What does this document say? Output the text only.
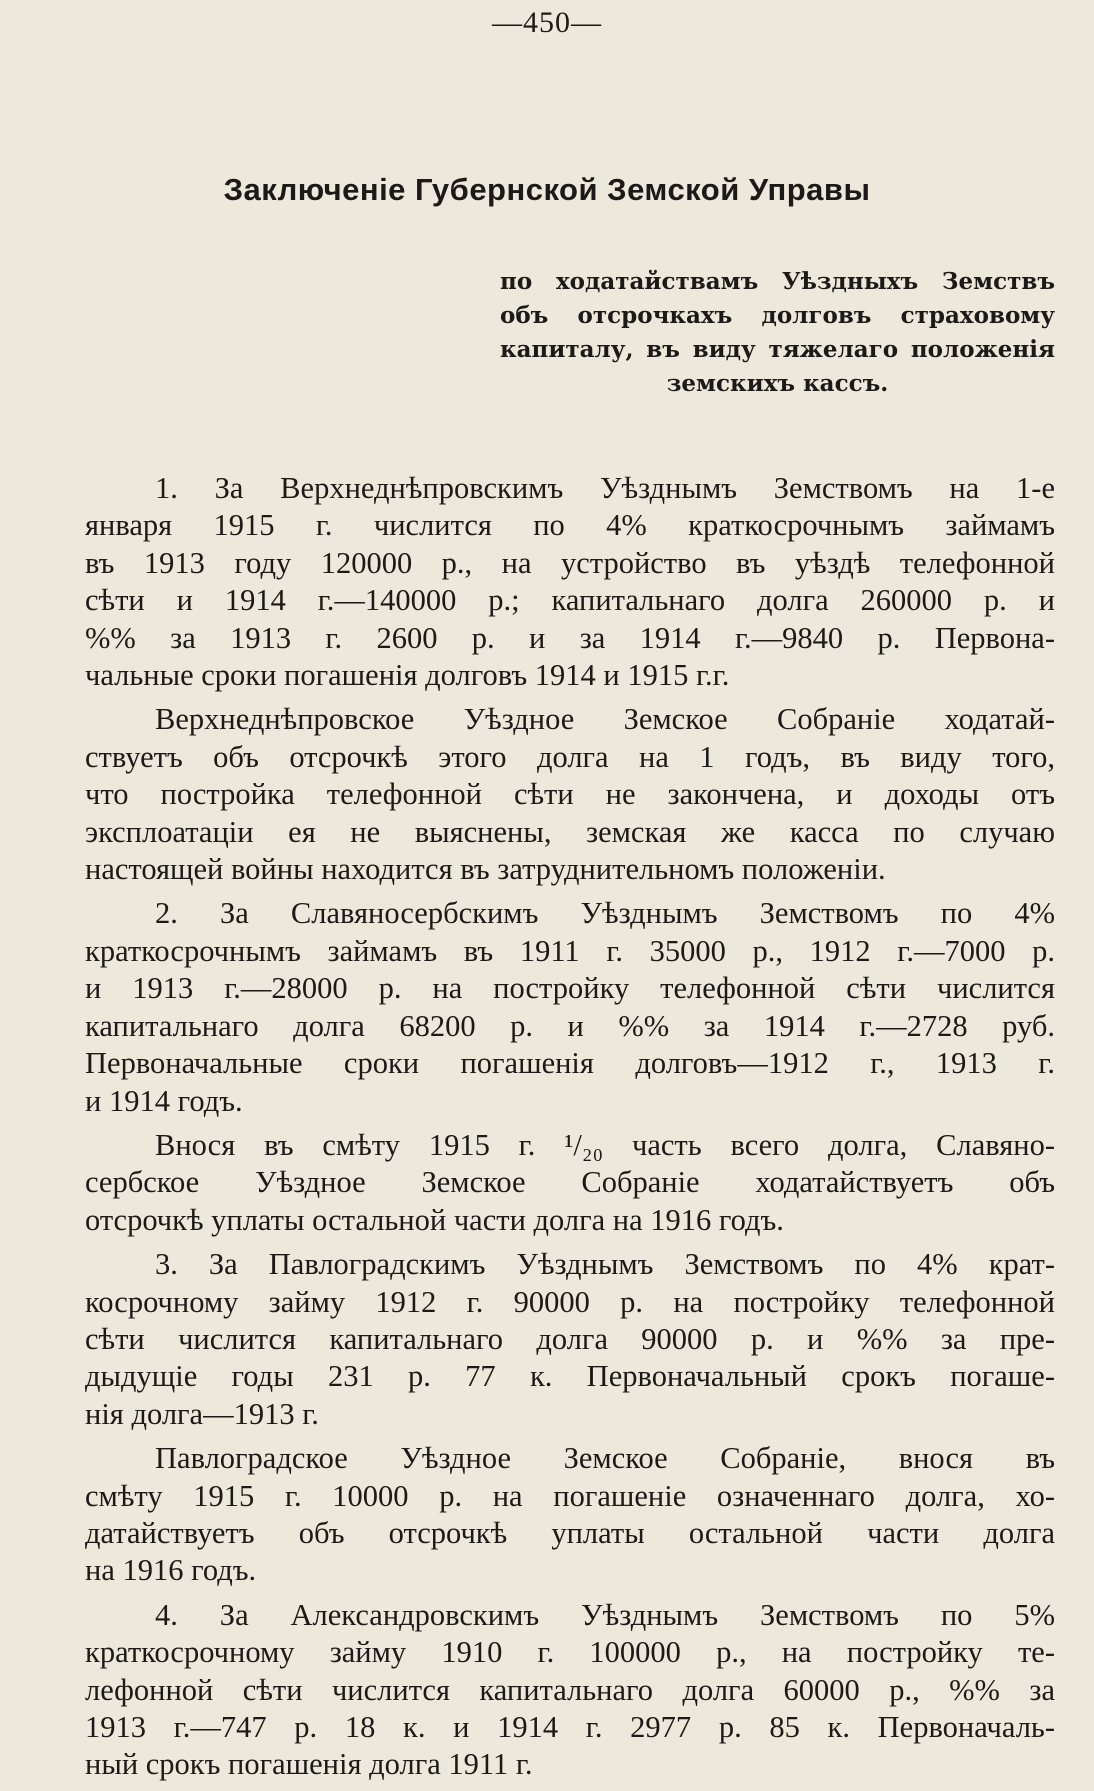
—450—
Заключеніе Губернской Земской Управы
по ходатайствамъ Уѣздныхъ Земствъ
объ отсрочкахъ долговъ страховому
капиталу, въ виду тяжелаго положенія
земскихъ кассъ.
1. За Верхнеднѣпровскимъ Уѣзднымъ Земствомъ на 1-е
января 1915 г. числится по 4% краткосрочнымъ займамъ
въ 1913 году 120000 р., на устройство въ уѣздѣ телефонной
сѣти и 1914 г.—140000 р.; капитальнаго долга 260000 р. и
%% за 1913 г. 2600 р. и за 1914 г.—9840 р. Первона-
чальные сроки погашенія долговъ 1914 и 1915 г.г.
Верхнеднѣпровское Уѣздное Земское Собраніе ходатай-
ствуетъ объ отсрочкѣ этого долга на 1 годъ, въ виду того,
что постройка телефонной сѣти не закончена, и доходы отъ
эксплоатаціи ея не выяснены, земская же касса по случаю
настоящей войны находится въ затруднительномъ положеніи.
2. За Славяносербскимъ Уѣзднымъ Земствомъ по 4%
краткосрочнымъ займамъ въ 1911 г. 35000 р., 1912 г.—7000 р.
и 1913 г.—28000 р. на постройку телефонной сѣти числится
капитальнаго долга 68200 р. и %% за 1914 г.—2728 руб.
Первоначальные сроки погашенія долговъ—1912 г., 1913 г.
и 1914 годъ.
Внося въ смѣту 1915 г. ¹/₂₀ часть всего долга, Славяно-
сербское Уѣздное Земское Собраніе ходатайствуетъ объ
отсрочкѣ уплаты остальной части долга на 1916 годъ.
3. За Павлоградскимъ Уѣзднымъ Земствомъ по 4% крат-
косрочному займу 1912 г. 90000 р. на постройку телефонной
сѣти числится капитальнаго долга 90000 р. и %% за пре-
дыдущіе годы 231 р. 77 к. Первоначальный срокъ погаше-
нія долга—1913 г.
Павлоградское Уѣздное Земское Собраніе, внося въ
смѣту 1915 г. 10000 р. на погашеніе означеннаго долга, хо-
датайствуетъ объ отсрочкѣ уплаты остальной части долга
на 1916 годъ.
4. За Александровскимъ Уѣзднымъ Земствомъ по 5%
краткосрочному займу 1910 г. 100000 р., на постройку те-
лефонной сѣти числится капитальнаго долга 60000 р., %% за
1913 г.—747 р. 18 к. и 1914 г. 2977 р. 85 к. Первоначаль-
ный срокъ погашенія долга 1911 г.
